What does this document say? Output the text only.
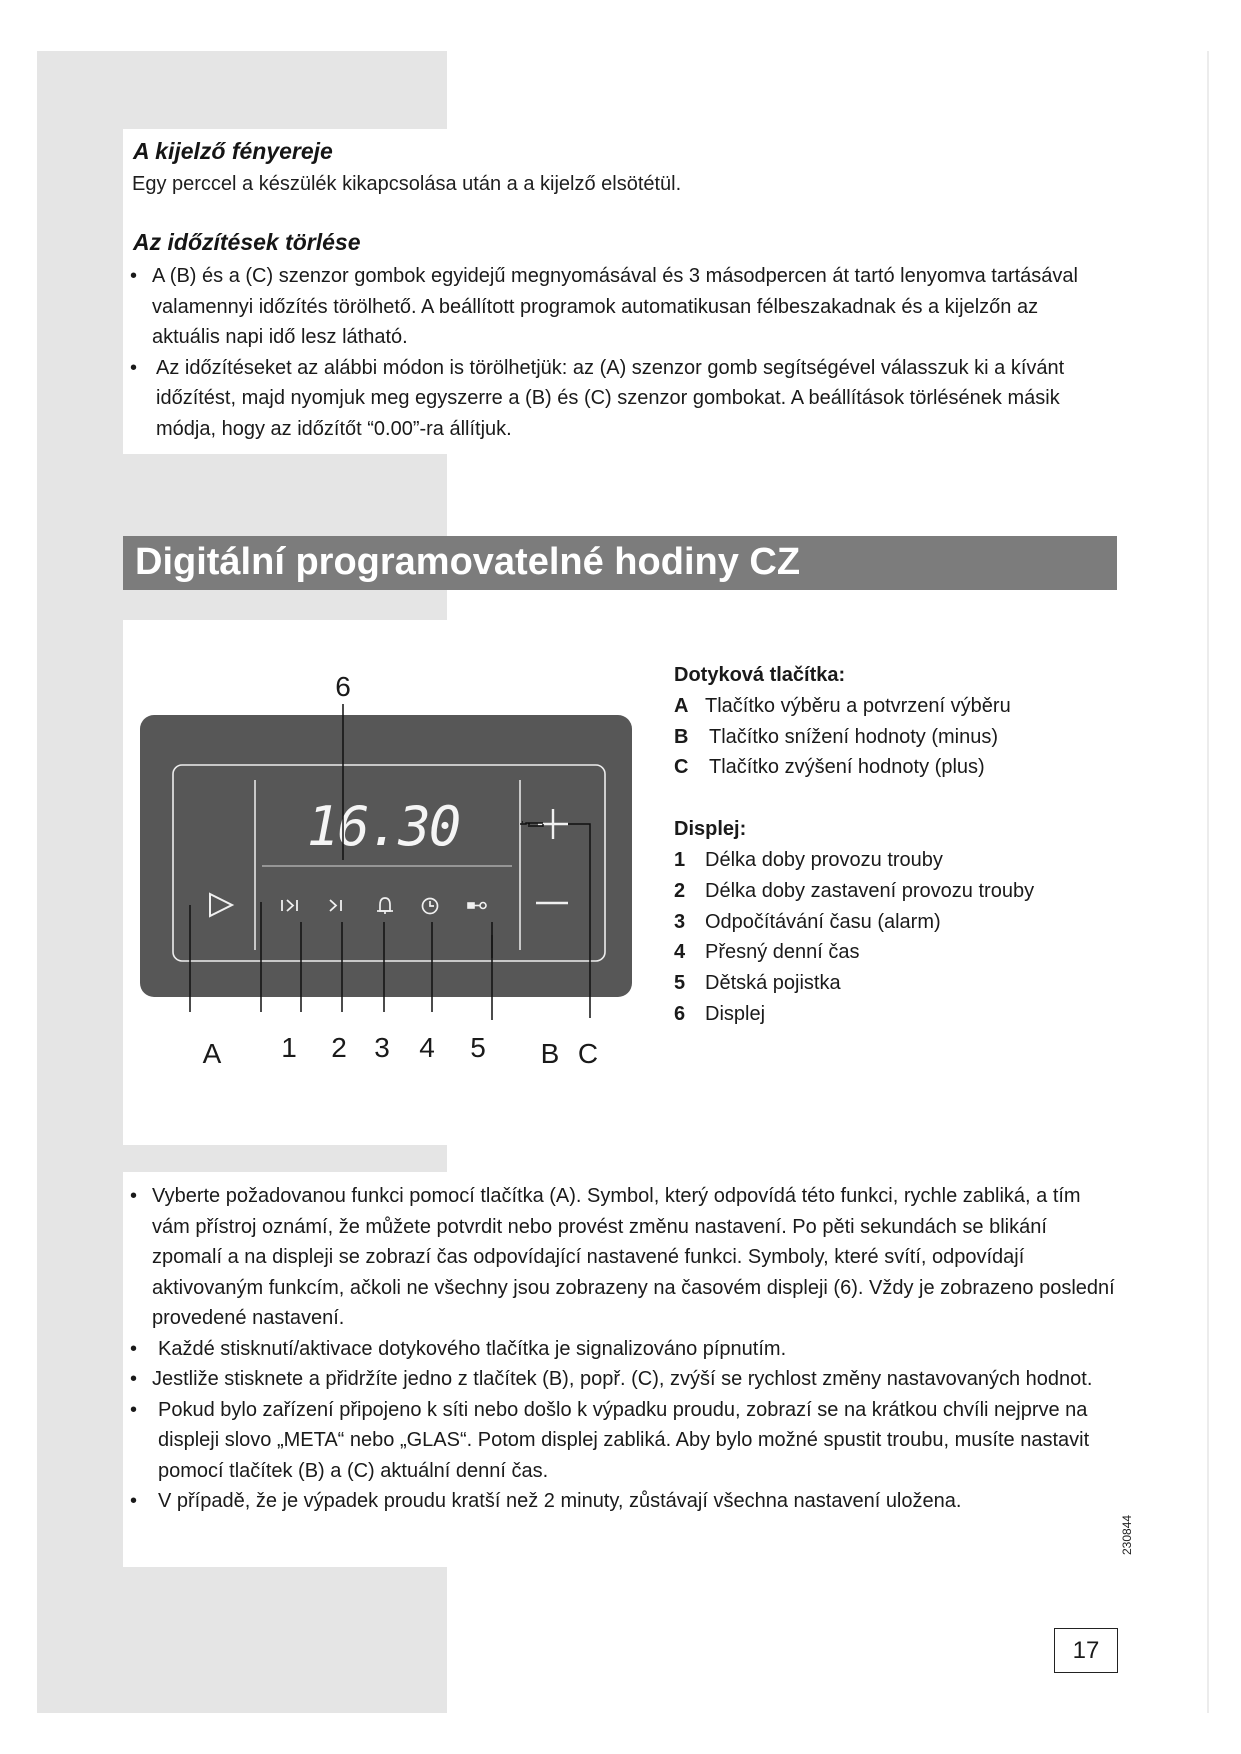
A kijelző fényereje
Egy perccel a készülék kikapcsolása után a a kijelző elsötétül.
Az időzítések törlése
• A (B) és a (C) szenzor gombok egyidejű megnyomásával és 3 másodpercen át tartó lenyomva tartásával valamennyi időzítés törölhető. A beállított programok automatikusan félbeszakadnak és a kijelzőn az aktuális napi idő lesz látható.
• Az időzítéseket az alábbi módon is törölhetjük: az (A) szenzor gomb segítségével válasszuk ki a kívánt időzítést, majd nyomjuk meg egyszerre a (B) és (C) szenzor gombokat. A beállítások törlésének másik módja, hogy az időzítőt “0.00”-ra állítjuk.
Digitální programovatelné hodiny CZ
16.30
6
A 1 2 3 4 5 B C
Dotyková tlačítka:
A Tlačítko výběru a potvrzení výběru
B Tlačítko snížení hodnoty (minus)
C Tlačítko zvýšení hodnoty (plus)
Displej:
1 Délka doby provozu trouby
2 Délka doby zastavení provozu trouby
3 Odpočítávání času (alarm)
4 Přesný denní čas
5 Dětská pojistka
6 Displej
• Vyberte požadovanou funkci pomocí tlačítka (A). Symbol, který odpovídá této funkci, rychle zabliká, a tím vám přístroj oznámí, že můžete potvrdit nebo provést změnu nastavení. Po pěti sekundách se blikání zpomalí a na displeji se zobrazí čas odpovídající nastavené funkci. Symboly, které svítí, odpovídají aktivovaným funkcím, ačkoli ne všechny jsou zobrazeny na časovém displeji (6). Vždy je zobrazeno poslední provedené nastavení.
• Každé stisknutí/aktivace dotykového tlačítka je signalizováno pípnutím.
• Jestliže stisknete a přidržíte jedno z tlačítek (B), popř. (C), zvýší se rychlost změny nastavovaných hodnot.
• Pokud bylo zařízení připojeno k síti nebo došlo k výpadku proudu, zobrazí se na krátkou chvíli nejprve na displeji slovo „META“ nebo „GLAS“. Potom displej zabliká. Aby bylo možné spustit troubu, musíte nastavit pomocí tlačítek (B) a (C) aktuální denní čas.
• V případě, že je výpadek proudu kratší než 2 minuty, zůstávají všechna nastavení uložena.
230844
17
